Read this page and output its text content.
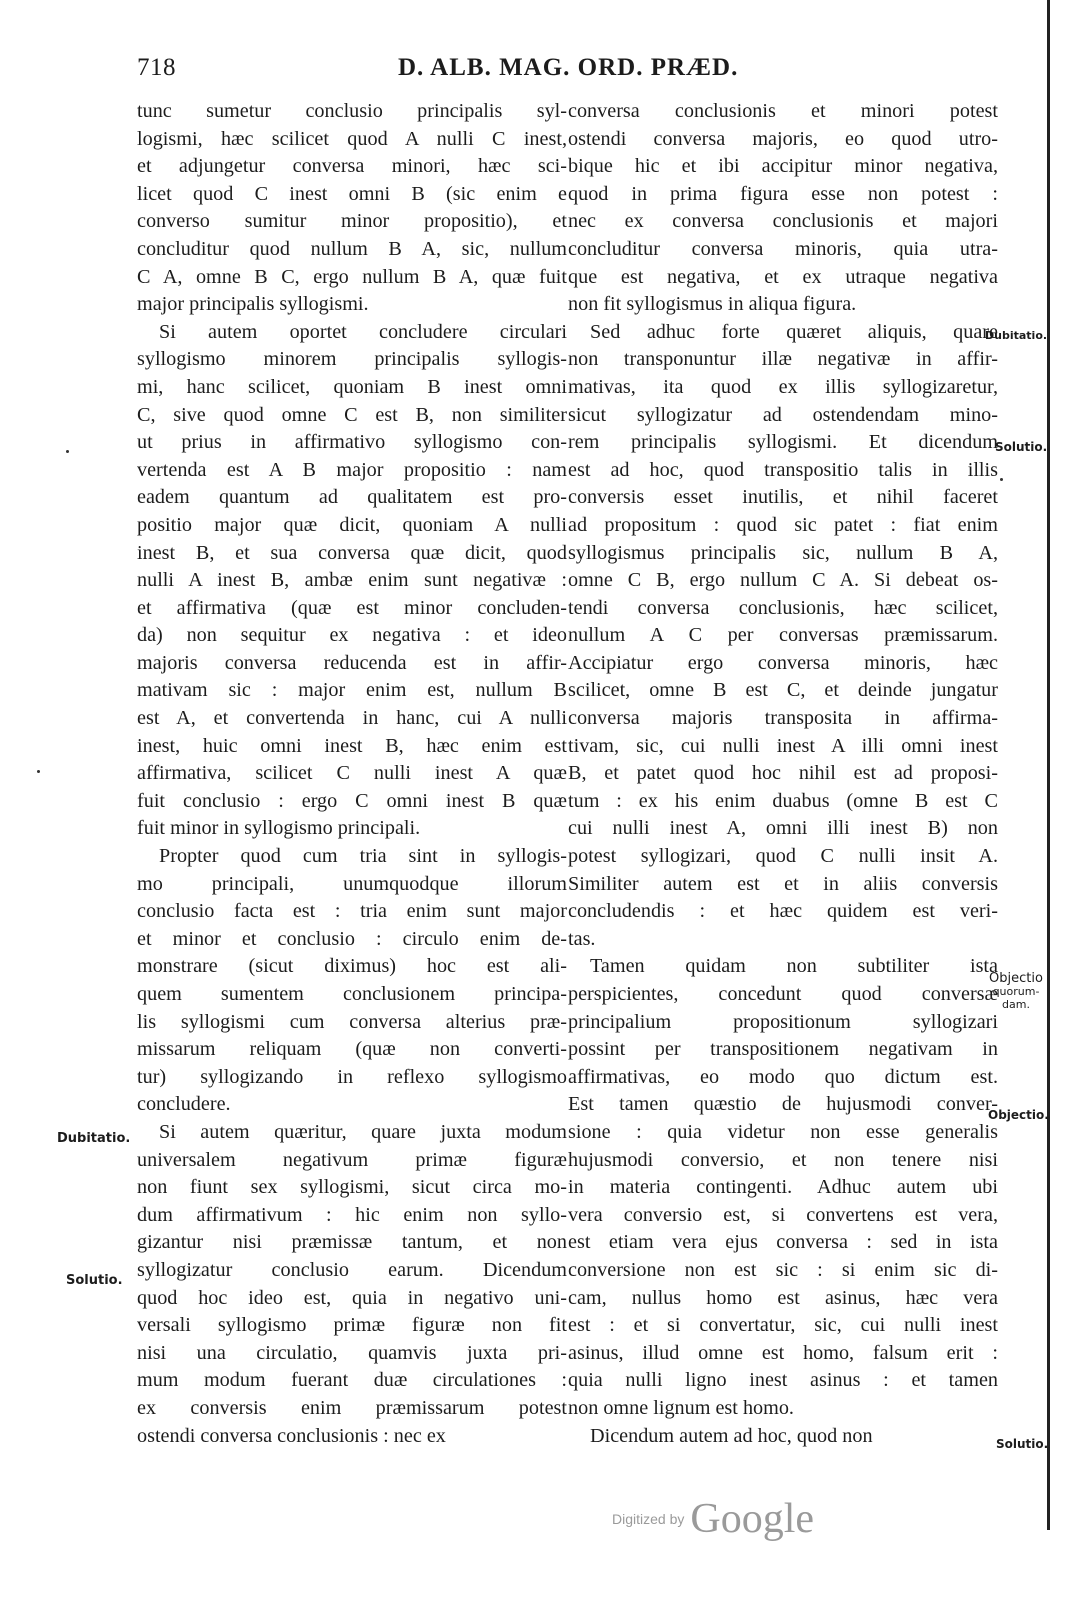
718	D. ALB. MAG. ORD. PRÆD.

tunc sumetur conclusio principalis syl-
logismi, hæc scilicet quod A nulli C inest,
et adjungetur conversa minori, hæc sci-
licet quod C inest omni B (sic enim e
converso sumitur minor propositio), et
concluditur quod nullum B A, sic, nullum
C A, omne B C, ergo nullum B A, quæ fuit
major principalis syllogismi.

Si autem oportet concludere circulari
syllogismo minorem principalis syllogis-
mi, hanc scilicet, quoniam B inest omni
C, sive quod omne C est B, non similiter
ut prius in affirmativo syllogismo con-
vertenda est A B major propositio : nam
eadem quantum ad qualitatem est pro-
positio major quæ dicit, quoniam A nulli
inest B, et sua conversa quæ dicit, quod
nulli A inest B, ambæ enim sunt negativæ :
et affirmativa (quæ est minor concluden-
da) non sequitur ex negativa : et ideo
majoris conversa reducenda est in affir-
mativam sic : major enim est, nullum B
est A, et convertenda in hanc, cui A nulli
inest, huic omni inest B, hæc enim est
affirmativa, scilicet C nulli inest A quæ
fuit conclusio : ergo C omni inest B quæ
fuit minor in syllogismo principali.

Propter quod cum tria sint in syllogis-
mo principali, unumquodque illorum
conclusio facta est : tria enim sunt major
et minor et conclusio : circulo enim de-
monstrare (sicut diximus) hoc est ali-
quem sumentem conclusionem principa-
lis syllogismi cum conversa alterius præ-
missarum reliquam (quæ non converti-
tur) syllogizando in reflexo syllogismo
concludere.

Si autem quæritur, quare juxta modum
universalem negativum primæ figuræ
non fiunt sex syllogismi, sicut circa mo-
dum affirmativum : hic enim non syllo-
gizantur nisi præmissæ tantum, et non
syllogizatur conclusio earum. Dicendum
quod hoc ideo est, quia in negativo uni-
versali syllogismo primæ figuræ non fit
nisi una circulatio, quamvis juxta pri-
mum modum fuerant duæ circulationes :
ex conversis enim præmissarum potest
ostendi conversa conclusionis : nec ex

conversa conclusionis et minori potest
ostendi conversa majoris, eo quod utro-
bique hic et ibi accipitur minor negativa,
quod in prima figura esse non potest :
nec ex conversa conclusionis et majori
concluditur conversa minoris, quia utra-
que est negativa, et ex utraque negativa
non fit syllogismus in aliqua figura.

Sed adhuc forte quæret aliquis, quare
non transponuntur illæ negativæ in affir-
mativas, ita quod ex illis syllogizaretur,
sicut syllogizatur ad ostendendam mino-
rem principalis syllogismi. Et dicendum
est ad hoc, quod transpositio talis in illis
conversis esset inutilis, et nihil faceret
ad propositum : quod sic patet : fiat enim
syllogismus principalis sic, nullum B A,
omne C B, ergo nullum C A. Si debeat os-
tendi conversa conclusionis, hæc scilicet,
nullum A C per conversas præmissarum.
Accipiatur ergo conversa minoris, hæc
scilicet, omne B est C, et deinde jungatur
conversa majoris transposita in affirma-
tivam, sic, cui nulli inest A illi omni inest
B, et patet quod hoc nihil est ad proposi-
tum : ex his enim duabus (omne B est C
cui nulli inest A, omni illi inest B) non
potest syllogizari, quod C nulli insit A.
Similiter autem est et in aliis conversis
concludendis : et hæc quidem est veri-
tas.

Tamen quidam non subtiliter ista
perspicientes, concedunt quod conversæ
principalium propositionum syllogizari
possint per transpositionem negativam in
affirmativas, eo modo quo dictum est.
Est tamen quæstio de hujusmodi conver-
sione : quia videtur non esse generalis
hujusmodi conversio, et non tenere nisi
in materia contingenti. Adhuc autem ubi
vera conversio est, si convertens est vera,
est etiam vera ejus conversa : sed in ista
conversione non est sic : si enim sic di-
cam, nullus homo est asinus, hæc vera
est : et si convertatur, sic, cui nulli inest
asinus, illud omne est homo, falsum erit :
quia nulli ligno inest asinus : et tamen
non omne lignum est homo.

Dicendum autem ad hoc, quod non

Dubitatio.
Solutio.
Dubitatio.
Solutio.
Objectio
quorum-
dam.
Objectio.
Solutio.
Digitized by Google
